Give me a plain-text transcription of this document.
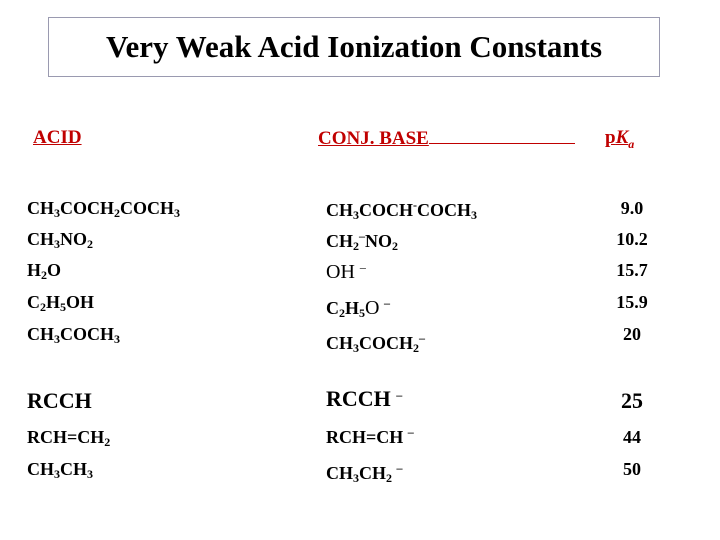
Very Weak Acid Ionization Constants
ACID	CONJ. BASE	$pK_a$
$CH_3COCH_2COCH_3$
$CH_3NO_2$
$H_2O$
$C_2H_5OH$
$CH_3COCH_3$
RCCH
$RCH=CH_2$
$CH_3CH_3$
$CH_3COCH^-COCH_3$
$CH_2^-NO_2$
OH –
$C_2H_5O$ –
$CH_3COCH_2^-$
RCCH –
RCH=CH –
$CH_3CH_2$ –
9.0
10.2
15.7
15.9
20
25
44
50
